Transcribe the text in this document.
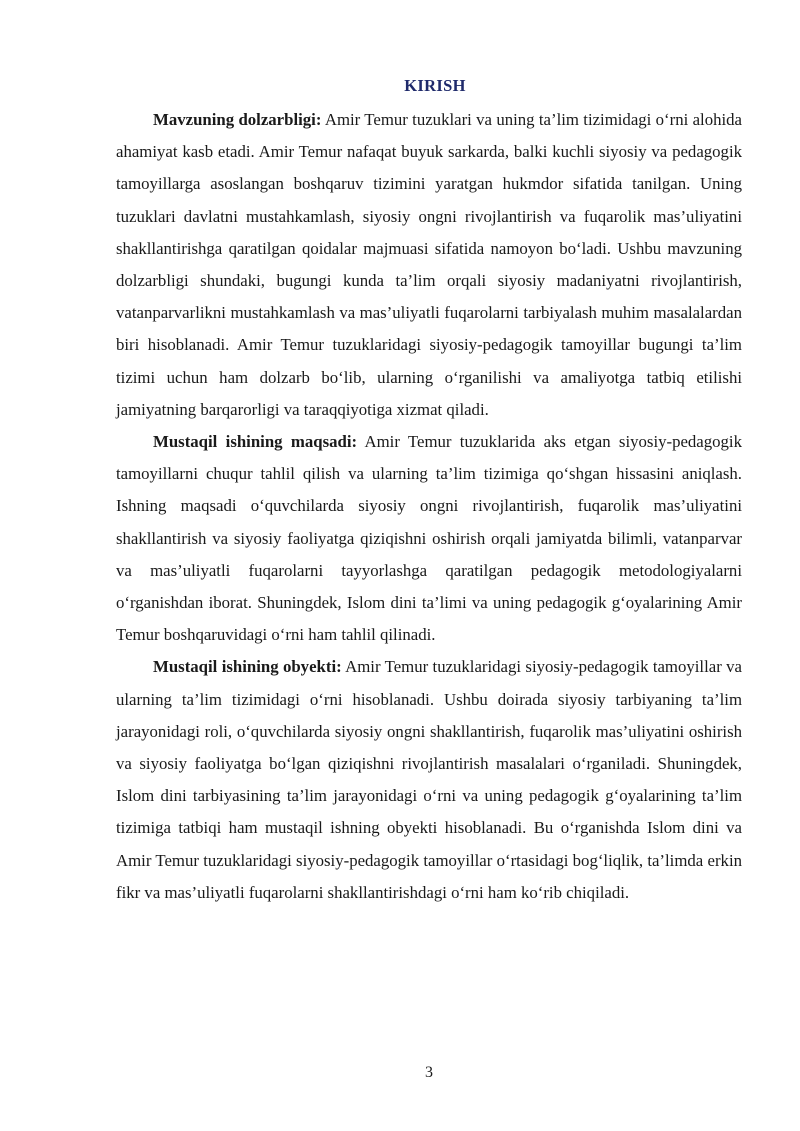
KIRISH

Mavzuning dolzarbligi: Amir Temur tuzuklari va uning ta’lim tizimidagi o‘rni alohida ahamiyat kasb etadi. Amir Temur nafaqat buyuk sarkarda, balki kuchli siyosiy va pedagogik tamoyillarga asoslangan boshqaruv tizimini yaratgan hukmdor sifatida tanilgan. Uning tuzuklari davlatni mustahkamlash, siyosiy ongni rivojlantirish va fuqarolik mas’uliyatini shakllantirishga qaratilgan qoidalar majmuasi sifatida namoyon bo‘ladi. Ushbu mavzuning dolzarbligi shundaki, bugungi kunda ta’lim orqali siyosiy madaniyatni rivojlantirish, vatanparvarlikni mustahkamlash va mas’uliyatli fuqarolarni tarbiyalash muhim masalalardan biri hisoblanadi. Amir Temur tuzuklaridagi siyosiy-pedagogik tamoyillar bugungi ta’lim tizimi uchun ham dolzarb bo‘lib, ularning o‘rganilishi va amaliyotga tatbiq etilishi jamiyatning barqarorligi va taraqqiyotiga xizmat qiladi.

Mustaqil ishining maqsadi: Amir Temur tuzuklarida aks etgan siyosiy-pedagogik tamoyillarni chuqur tahlil qilish va ularning ta’lim tizimiga qo‘shgan hissasini aniqlash. Ishning maqsadi o‘quvchilarda siyosiy ongni rivojlantirish, fuqarolik mas’uliyatini shakllantirish va siyosiy faoliyatga qiziqishni oshirish orqali jamiyatda bilimli, vatanparvar va mas’uliyatli fuqarolarni tayyorlashga qaratilgan pedagogik metodologiyalarni o‘rganishdan iborat. Shuningdek, Islom dini ta’limi va uning pedagogik g‘oyalarining Amir Temur boshqaruvidagi o‘rni ham tahlil qilinadi.

Mustaqil ishining obyekti: Amir Temur tuzuklaridagi siyosiy-pedagogik tamoyillar va ularning ta’lim tizimidagi o‘rni hisoblanadi. Ushbu doirada siyosiy tarbiyaning ta’lim jarayonidagi roli, o‘quvchilarda siyosiy ongni shakllantirish, fuqarolik mas’uliyatini oshirish va siyosiy faoliyatga bo‘lgan qiziqishni rivojlantirish masalalari o‘rganiladi. Shuningdek, Islom dini tarbiyasining ta’lim jarayonidagi o‘rni va uning pedagogik g‘oyalarining ta’lim tizimiga tatbiqi ham mustaqil ishning obyekti hisoblanadi. Bu o‘rganishda Islom dini va Amir Temur tuzuklaridagi siyosiy-pedagogik tamoyillar o‘rtasidagi bog‘liqlik, ta’limda erkin fikr va mas’uliyatli fuqarolarni shakllantirishdagi o‘rni ham ko‘rib chiqiladi.

3
